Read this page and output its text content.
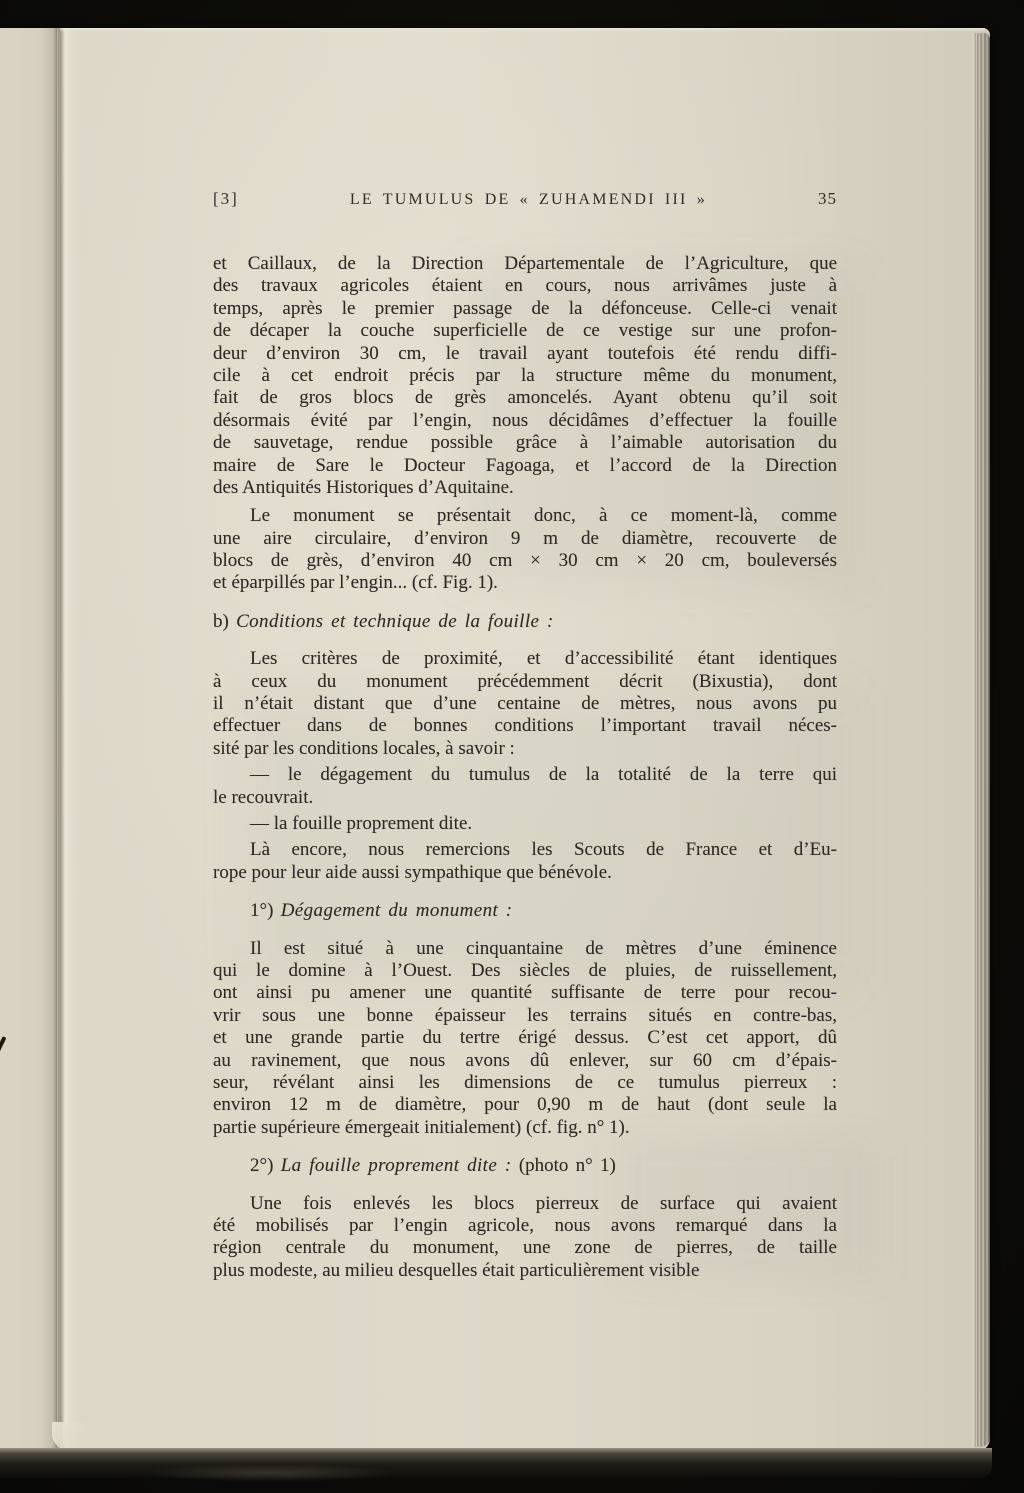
[3]	LE TUMULUS DE « ZUHAMENDI III »	35
et Caillaux, de la Direction Départementale de l’Agriculture, que
des travaux agricoles étaient en cours, nous arrivâmes juste à
temps, après le premier passage de la défonceuse. Celle-ci venait
de décaper la couche superficielle de ce vestige sur une profon-
deur d’environ 30 cm, le travail ayant toutefois été rendu diffi-
cile à cet endroit précis par la structure même du monument,
fait de gros blocs de grès amoncelés. Ayant obtenu qu’il soit
désormais évité par l’engin, nous décidâmes d’effectuer la fouille
de sauvetage, rendue possible grâce à l’aimable autorisation du
maire de Sare le Docteur Fagoaga, et l’accord de la Direction
des Antiquités Historiques d’Aquitaine.
Le monument se présentait donc, à ce moment-là, comme
une aire circulaire, d’environ 9 m de diamètre, recouverte de
blocs de grès, d’environ 40 cm × 30 cm × 20 cm, bouleversés
et éparpillés par l’engin... (cf. Fig. 1).
b) Conditions et technique de la fouille :
Les critères de proximité, et d’accessibilité étant identiques
à ceux du monument précédemment décrit (Bixustia), dont
il n’était distant que d’une centaine de mètres, nous avons pu
effectuer dans de bonnes conditions l’important travail néces-
sité par les conditions locales, à savoir :
— le dégagement du tumulus de la totalité de la terre qui
le recouvrait.
— la fouille proprement dite.
Là encore, nous remercions les Scouts de France et d’Eu-
rope pour leur aide aussi sympathique que bénévole.
1°) Dégagement du monument :
Il est situé à une cinquantaine de mètres d’une éminence
qui le domine à l’Ouest. Des siècles de pluies, de ruissellement,
ont ainsi pu amener une quantité suffisante de terre pour recou-
vrir sous une bonne épaisseur les terrains situés en contre-bas,
et une grande partie du tertre érigé dessus. C’est cet apport, dû
au ravinement, que nous avons dû enlever, sur 60 cm d’épais-
seur, révélant ainsi les dimensions de ce tumulus pierreux :
environ 12 m de diamètre, pour 0,90 m de haut (dont seule la
partie supérieure émergeait initialement) (cf. fig. n° 1).
2°) La fouille proprement dite : (photo n° 1)
Une fois enlevés les blocs pierreux de surface qui avaient
été mobilisés par l’engin agricole, nous avons remarqué dans la
région centrale du monument, une zone de pierres, de taille
plus modeste, au milieu desquelles était particulièrement visible
